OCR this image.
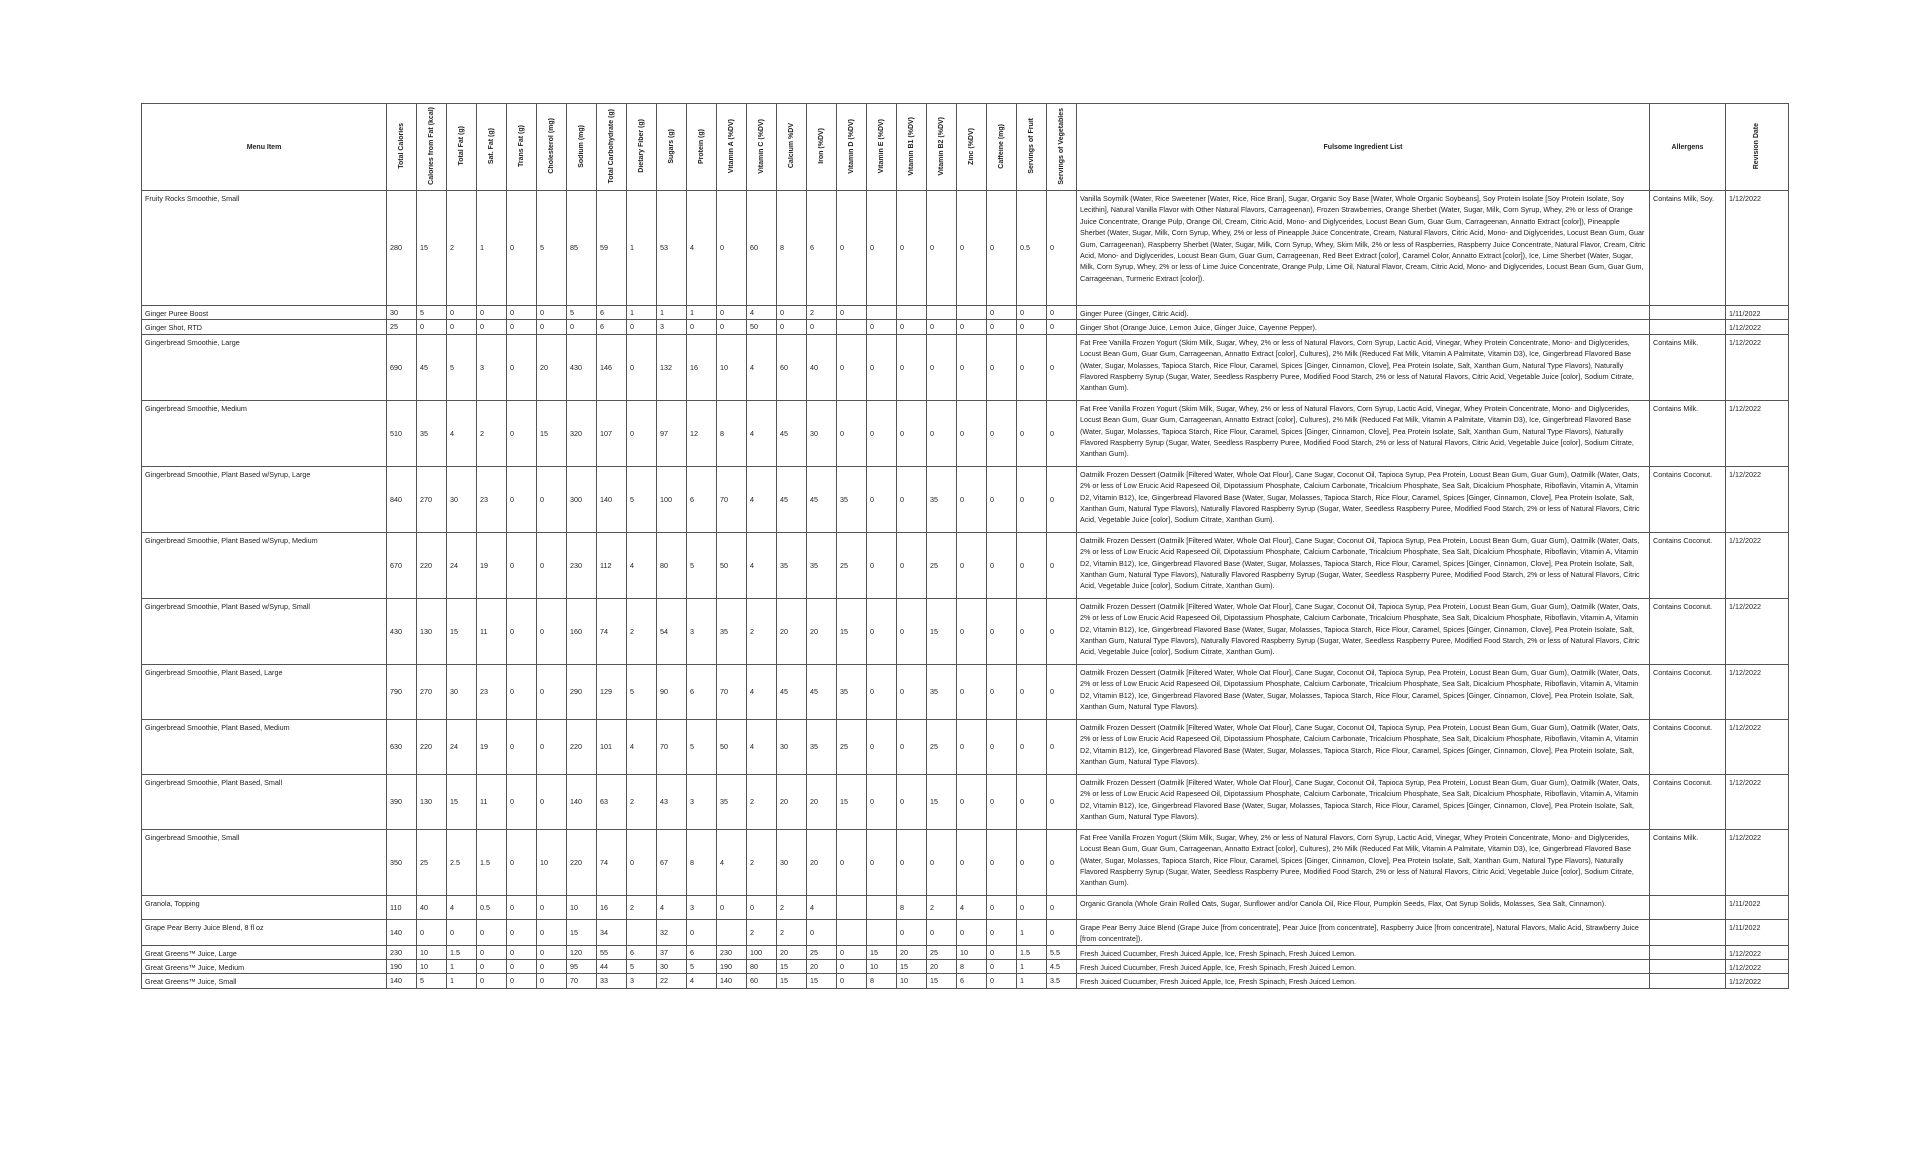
Menu Item	Total Calories	Calories from Fat (kcal)	Total Fat (g)	Sat. Fat (g)	Trans Fat (g)	Cholesterol (mg)	Sodium (mg)	Total Carbohydrate (g)	Dietary Fiber (g)	Sugars (g)	Protein (g)	Vitamin A (%DV)	Vitamin C (%DV)	Calcium %DV	Iron (%DV)	Vitamin D (%DV)	Vitamin E (%DV)	Vitamin B1 (%DV)	Vitamin B2 (%DV)	Zinc (%DV)	Caffeine (mg)	Servings of Fruit	Servings of Vegetables	Fulsome Ingredient List	Allergens	Revision Date
Fruity Rocks Smoothie, Small	280	15	2	1	0	5	85	59	1	53	4	0	60	8	6	0	0	0	0	0	0	0.5	0	Vanilla Soymilk (Water, Rice Sweetener [Water, Rice, Rice Bran], Sugar, Organic Soy Base [Water, Whole Organic Soybeans], Soy Protein Isolate [Soy Protein Isolate, Soy Lecithin], Natural Vanilla Flavor with Other Natural Flavors, Carrageenan), Frozen Strawberries, Orange Sherbet (Water, Sugar, Milk, Corn Syrup, Whey, 2% or less of Orange Juice Concentrate, Orange Pulp, Orange Oil, Cream, Citric Acid, Mono- and Diglycerides, Locust Bean Gum, Guar Gum, Carrageenan, Annatto Extract [color]), Pineapple Sherbet (Water, Sugar, Milk, Corn Syrup, Whey, 2% or less of Pineapple Juice Concentrate, Cream, Natural Flavors, Citric Acid, Mono- and Diglycerides, Locust Bean Gum, Guar Gum, Carrageenan), Raspberry Sherbet (Water, Sugar, Milk, Corn Syrup, Whey, Skim Milk, 2% or less of Raspberries, Raspberry Juice Concentrate, Natural Flavor, Cream, Citric Acid, Mono- and Diglycerides, Locust Bean Gum, Guar Gum, Carrageenan, Red Beet Extract [color], Caramel Color, Annatto Extract [color]), Ice, Lime Sherbet (Water, Sugar, Milk, Corn Syrup, Whey, 2% or less of Lime Juice Concentrate, Orange Pulp, Lime Oil, Natural Flavor, Cream, Citric Acid, Mono- and Diglycerides, Locust Bean Gum, Guar Gum, Carrageenan, Turmeric Extract [color]).	Contains Milk, Soy.	1/12/2022
Ginger Puree Boost	30	5	0	0	0	0	5	6	1	1	1	0	4	0	2	0					0	0	0	Ginger Puree (Ginger, Citric Acid).		1/11/2022
Ginger Shot, RTD	25	0	0	0	0	0	0	6	0	3	0	0	50	0	0		0	0	0	0	0	0	0	Ginger Shot (Orange Juice, Lemon Juice, Ginger Juice, Cayenne Pepper).		1/12/2022
Gingerbread Smoothie, Large	690	45	5	3	0	20	430	146	0	132	16	10	4	60	40	0	0	0	0	0	0	0	0	Fat Free Vanilla Frozen Yogurt (Skim Milk, Sugar, Whey, 2% or less of Natural Flavors, Corn Syrup, Lactic Acid, Vinegar, Whey Protein Concentrate, Mono- and Diglycerides, Locust Bean Gum, Guar Gum, Carrageenan, Annatto Extract [color], Cultures), 2% Milk (Reduced Fat Milk, Vitamin A Palmitate, Vitamin D3), Ice, Gingerbread Flavored Base (Water, Sugar, Molasses, Tapioca Starch, Rice Flour, Caramel, Spices [Ginger, Cinnamon, Clove], Pea Protein Isolate, Salt, Xanthan Gum, Natural Type Flavors), Naturally Flavored Raspberry Syrup (Sugar, Water, Seedless Raspberry Puree, Modified Food Starch, 2% or less of Natural Flavors, Citric Acid, Vegetable Juice [color], Sodium Citrate, Xanthan Gum).	Contains Milk.	1/12/2022
Gingerbread Smoothie, Medium	510	35	4	2	0	15	320	107	0	97	12	8	4	45	30	0	0	0	0	0	0	0	0	Fat Free Vanilla Frozen Yogurt (Skim Milk, Sugar, Whey, 2% or less of Natural Flavors, Corn Syrup, Lactic Acid, Vinegar, Whey Protein Concentrate, Mono- and Diglycerides, Locust Bean Gum, Guar Gum, Carrageenan, Annatto Extract [color], Cultures), 2% Milk (Reduced Fat Milk, Vitamin A Palmitate, Vitamin D3), Ice, Gingerbread Flavored Base (Water, Sugar, Molasses, Tapioca Starch, Rice Flour, Caramel, Spices [Ginger, Cinnamon, Clove], Pea Protein Isolate, Salt, Xanthan Gum, Natural Type Flavors), Naturally Flavored Raspberry Syrup (Sugar, Water, Seedless Raspberry Puree, Modified Food Starch, 2% or less of Natural Flavors, Citric Acid, Vegetable Juice [color], Sodium Citrate, Xanthan Gum).	Contains Milk.	1/12/2022
Gingerbread Smoothie, Plant Based w/Syrup, Large	840	270	30	23	0	0	300	140	5	100	6	70	4	45	45	35	0	0	35	0	0	0	0	Oatmilk Frozen Dessert (Oatmilk [Filtered Water, Whole Oat Flour], Cane Sugar, Coconut Oil, Tapioca Syrup, Pea Protein, Locust Bean Gum, Guar Gum), Oatmilk (Water, Oats, 2% or less of Low Erucic Acid Rapeseed Oil, Dipotassium Phosphate, Calcium Carbonate, Tricalcium Phosphate, Sea Salt, Dicalcium Phosphate, Riboflavin, Vitamin A, Vitamin D2, Vitamin B12), Ice, Gingerbread Flavored Base (Water, Sugar, Molasses, Tapioca Starch, Rice Flour, Caramel, Spices [Ginger, Cinnamon, Clove], Pea Protein Isolate, Salt, Xanthan Gum, Natural Type Flavors), Naturally Flavored Raspberry Syrup (Sugar, Water, Seedless Raspberry Puree, Modified Food Starch, 2% or less of Natural Flavors, Citric Acid, Vegetable Juice [color], Sodium Citrate, Xanthan Gum).	Contains Coconut.	1/12/2022
Gingerbread Smoothie, Plant Based w/Syrup, Medium	670	220	24	19	0	0	230	112	4	80	5	50	4	35	35	25	0	0	25	0	0	0	0	Oatmilk Frozen Dessert (Oatmilk [Filtered Water, Whole Oat Flour], Cane Sugar, Coconut Oil, Tapioca Syrup, Pea Protein, Locust Bean Gum, Guar Gum), Oatmilk (Water, Oats, 2% or less of Low Erucic Acid Rapeseed Oil, Dipotassium Phosphate, Calcium Carbonate, Tricalcium Phosphate, Sea Salt, Dicalcium Phosphate, Riboflavin, Vitamin A, Vitamin D2, Vitamin B12), Ice, Gingerbread Flavored Base (Water, Sugar, Molasses, Tapioca Starch, Rice Flour, Caramel, Spices [Ginger, Cinnamon, Clove], Pea Protein Isolate, Salt, Xanthan Gum, Natural Type Flavors), Naturally Flavored Raspberry Syrup (Sugar, Water, Seedless Raspberry Puree, Modified Food Starch, 2% or less of Natural Flavors, Citric Acid, Vegetable Juice [color], Sodium Citrate, Xanthan Gum).	Contains Coconut.	1/12/2022
Gingerbread Smoothie, Plant Based w/Syrup, Small	430	130	15	11	0	0	160	74	2	54	3	35	2	20	20	15	0	0	15	0	0	0	0	Oatmilk Frozen Dessert (Oatmilk [Filtered Water, Whole Oat Flour], Cane Sugar, Coconut Oil, Tapioca Syrup, Pea Protein, Locust Bean Gum, Guar Gum), Oatmilk (Water, Oats, 2% or less of Low Erucic Acid Rapeseed Oil, Dipotassium Phosphate, Calcium Carbonate, Tricalcium Phosphate, Sea Salt, Dicalcium Phosphate, Riboflavin, Vitamin A, Vitamin D2, Vitamin B12), Ice, Gingerbread Flavored Base (Water, Sugar, Molasses, Tapioca Starch, Rice Flour, Caramel, Spices [Ginger, Cinnamon, Clove], Pea Protein Isolate, Salt, Xanthan Gum, Natural Type Flavors), Naturally Flavored Raspberry Syrup (Sugar, Water, Seedless Raspberry Puree, Modified Food Starch, 2% or less of Natural Flavors, Citric Acid, Vegetable Juice [color], Sodium Citrate, Xanthan Gum).	Contains Coconut.	1/12/2022
Gingerbread Smoothie, Plant Based, Large	790	270	30	23	0	0	290	129	5	90	6	70	4	45	45	35	0	0	35	0	0	0	0	Oatmilk Frozen Dessert (Oatmilk [Filtered Water, Whole Oat Flour], Cane Sugar, Coconut Oil, Tapioca Syrup, Pea Protein, Locust Bean Gum, Guar Gum), Oatmilk (Water, Oats, 2% or less of Low Erucic Acid Rapeseed Oil, Dipotassium Phosphate, Calcium Carbonate, Tricalcium Phosphate, Sea Salt, Dicalcium Phosphate, Riboflavin, Vitamin A, Vitamin D2, Vitamin B12), Ice, Gingerbread Flavored Base (Water, Sugar, Molasses, Tapioca Starch, Rice Flour, Caramel, Spices [Ginger, Cinnamon, Clove], Pea Protein Isolate, Salt, Xanthan Gum, Natural Type Flavors).	Contains Coconut.	1/12/2022
Gingerbread Smoothie, Plant Based, Medium	630	220	24	19	0	0	220	101	4	70	5	50	4	30	35	25	0	0	25	0	0	0	0	Oatmilk Frozen Dessert (Oatmilk [Filtered Water, Whole Oat Flour], Cane Sugar, Coconut Oil, Tapioca Syrup, Pea Protein, Locust Bean Gum, Guar Gum), Oatmilk (Water, Oats, 2% or less of Low Erucic Acid Rapeseed Oil, Dipotassium Phosphate, Calcium Carbonate, Tricalcium Phosphate, Sea Salt, Dicalcium Phosphate, Riboflavin, Vitamin A, Vitamin D2, Vitamin B12), Ice, Gingerbread Flavored Base (Water, Sugar, Molasses, Tapioca Starch, Rice Flour, Caramel, Spices [Ginger, Cinnamon, Clove], Pea Protein Isolate, Salt, Xanthan Gum, Natural Type Flavors).	Contains Coconut.	1/12/2022
Gingerbread Smoothie, Plant Based, Small	390	130	15	11	0	0	140	63	2	43	3	35	2	20	20	15	0	0	15	0	0	0	0	Oatmilk Frozen Dessert (Oatmilk [Filtered Water, Whole Oat Flour], Cane Sugar, Coconut Oil, Tapioca Syrup, Pea Protein, Locust Bean Gum, Guar Gum), Oatmilk (Water, Oats, 2% or less of Low Erucic Acid Rapeseed Oil, Dipotassium Phosphate, Calcium Carbonate, Tricalcium Phosphate, Sea Salt, Dicalcium Phosphate, Riboflavin, Vitamin A, Vitamin D2, Vitamin B12), Ice, Gingerbread Flavored Base (Water, Sugar, Molasses, Tapioca Starch, Rice Flour, Caramel, Spices [Ginger, Cinnamon, Clove], Pea Protein Isolate, Salt, Xanthan Gum, Natural Type Flavors).	Contains Coconut.	1/12/2022
Gingerbread Smoothie, Small	350	25	2.5	1.5	0	10	220	74	0	67	8	4	2	30	20	0	0	0	0	0	0	0	0	Fat Free Vanilla Frozen Yogurt (Skim Milk, Sugar, Whey, 2% or less of Natural Flavors, Corn Syrup, Lactic Acid, Vinegar, Whey Protein Concentrate, Mono- and Diglycerides, Locust Bean Gum, Guar Gum, Carrageenan, Annatto Extract [color], Cultures), 2% Milk (Reduced Fat Milk, Vitamin A Palmitate, Vitamin D3), Ice, Gingerbread Flavored Base (Water, Sugar, Molasses, Tapioca Starch, Rice Flour, Caramel, Spices [Ginger, Cinnamon, Clove], Pea Protein Isolate, Salt, Xanthan Gum, Natural Type Flavors), Naturally Flavored Raspberry Syrup (Sugar, Water, Seedless Raspberry Puree, Modified Food Starch, 2% or less of Natural Flavors, Citric Acid, Vegetable Juice [color], Sodium Citrate, Xanthan Gum).	Contains Milk.	1/12/2022
Granola, Topping	110	40	4	0.5	0	0	10	16	2	4	3	0	0	2	4			8	2	4	0	0	0	Organic Granola (Whole Grain Rolled Oats, Sugar, Sunflower and/or Canola Oil, Rice Flour, Pumpkin Seeds, Flax, Oat Syrup Solids, Molasses, Sea Salt, Cinnamon).		1/11/2022
Grape Pear Berry Juice Blend, 8 fl oz	140	0	0	0	0	0	15	34		32	0		2	2	0			0	0	0	0	1	0	Grape Pear Berry Juice Blend (Grape Juice [from concentrate], Pear Juice [from concentrate], Raspberry Juice [from concentrate], Natural Flavors, Malic Acid, Strawberry Juice [from concentrate]).		1/11/2022
Great Greens™ Juice, Large	230	10	1.5	0	0	0	120	55	6	37	6	230	100	20	25	0	15	20	25	10	0	1.5	5.5	Fresh Juiced Cucumber, Fresh Juiced Apple, Ice, Fresh Spinach, Fresh Juiced Lemon.		1/12/2022
Great Greens™ Juice, Medium	190	10	1	0	0	0	95	44	5	30	5	190	80	15	20	0	10	15	20	8	0	1	4.5	Fresh Juiced Cucumber, Fresh Juiced Apple, Ice, Fresh Spinach, Fresh Juiced Lemon.		1/12/2022
Great Greens™ Juice, Small	140	5	1	0	0	0	70	33	3	22	4	140	60	15	15	0	8	10	15	6	0	1	3.5	Fresh Juiced Cucumber, Fresh Juiced Apple, Ice, Fresh Spinach, Fresh Juiced Lemon.		1/12/2022
